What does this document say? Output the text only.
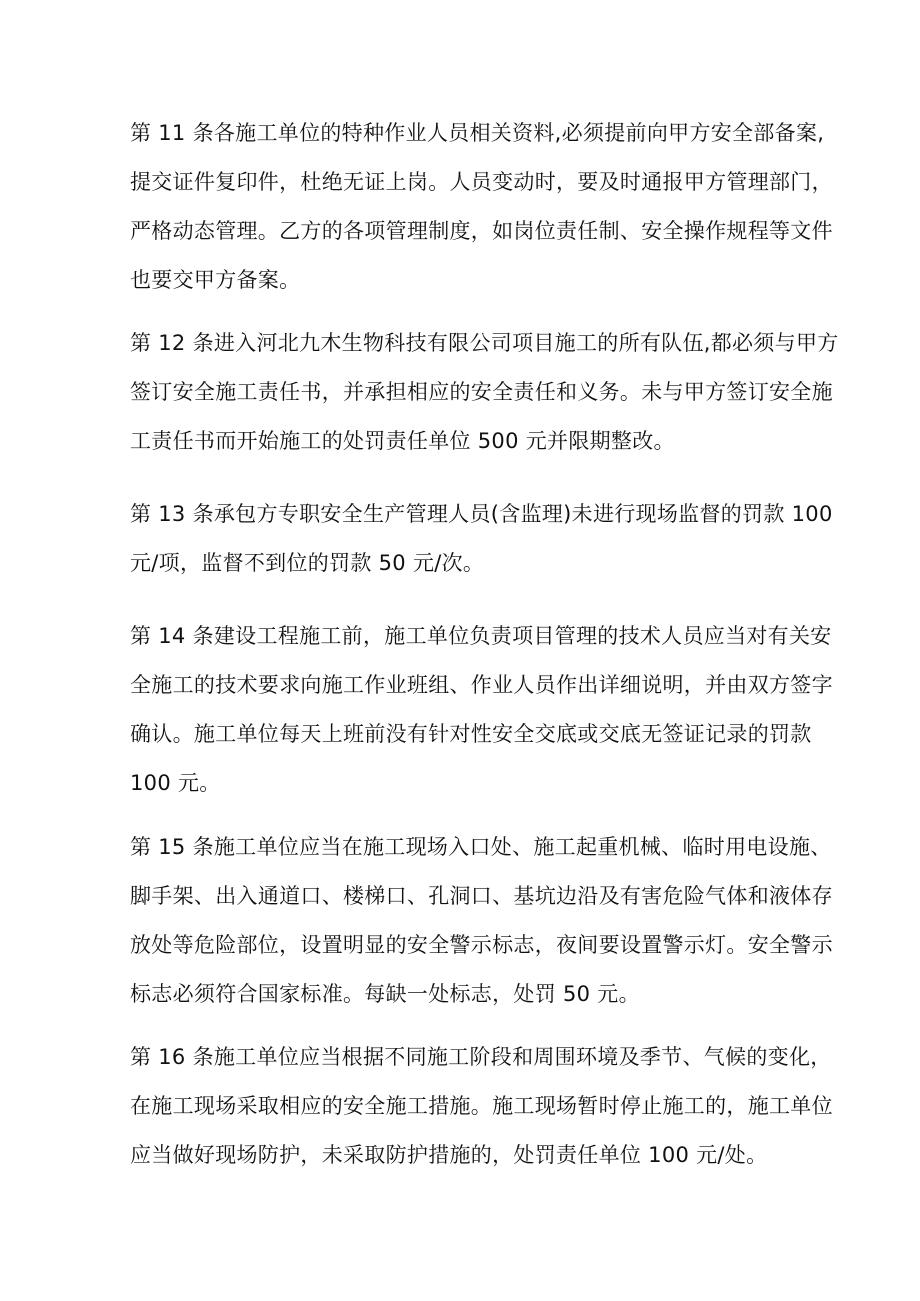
第 11 条各施工单位的特种作业人员相关资料,必须提前向甲方安全部备案,
提交证件复印件，杜绝无证上岗。人员变动时，要及时通报甲方管理部门，
严格动态管理。乙方的各项管理制度，如岗位责任制、安全操作规程等文件
也要交甲方备案。

第 12 条进入河北九木生物科技有限公司项目施工的所有队伍,都必须与甲方
签订安全施工责任书，并承担相应的安全责任和义务。未与甲方签订安全施
工责任书而开始施工的处罚责任单位 500 元并限期整改。

第 13 条承包方专职安全生产管理人员(含监理)未进行现场监督的罚款 100
元/项，监督不到位的罚款 50 元/次。

第 14 条建设工程施工前，施工单位负责项目管理的技术人员应当对有关安
全施工的技术要求向施工作业班组、作业人员作出详细说明，并由双方签字
确认。施工单位每天上班前没有针对性安全交底或交底无签证记录的罚款
100 元。

第 15 条施工单位应当在施工现场入口处、施工起重机械、临时用电设施、
脚手架、出入通道口、楼梯口、孔洞口、基坑边沿及有害危险气体和液体存
放处等危险部位，设置明显的安全警示标志，夜间要设置警示灯。安全警示
标志必须符合国家标准。每缺一处标志，处罚 50 元。

第 16 条施工单位应当根据不同施工阶段和周围环境及季节、气候的变化，
在施工现场采取相应的安全施工措施。施工现场暂时停止施工的，施工单位
应当做好现场防护，未采取防护措施的，处罚责任单位 100 元/处。
